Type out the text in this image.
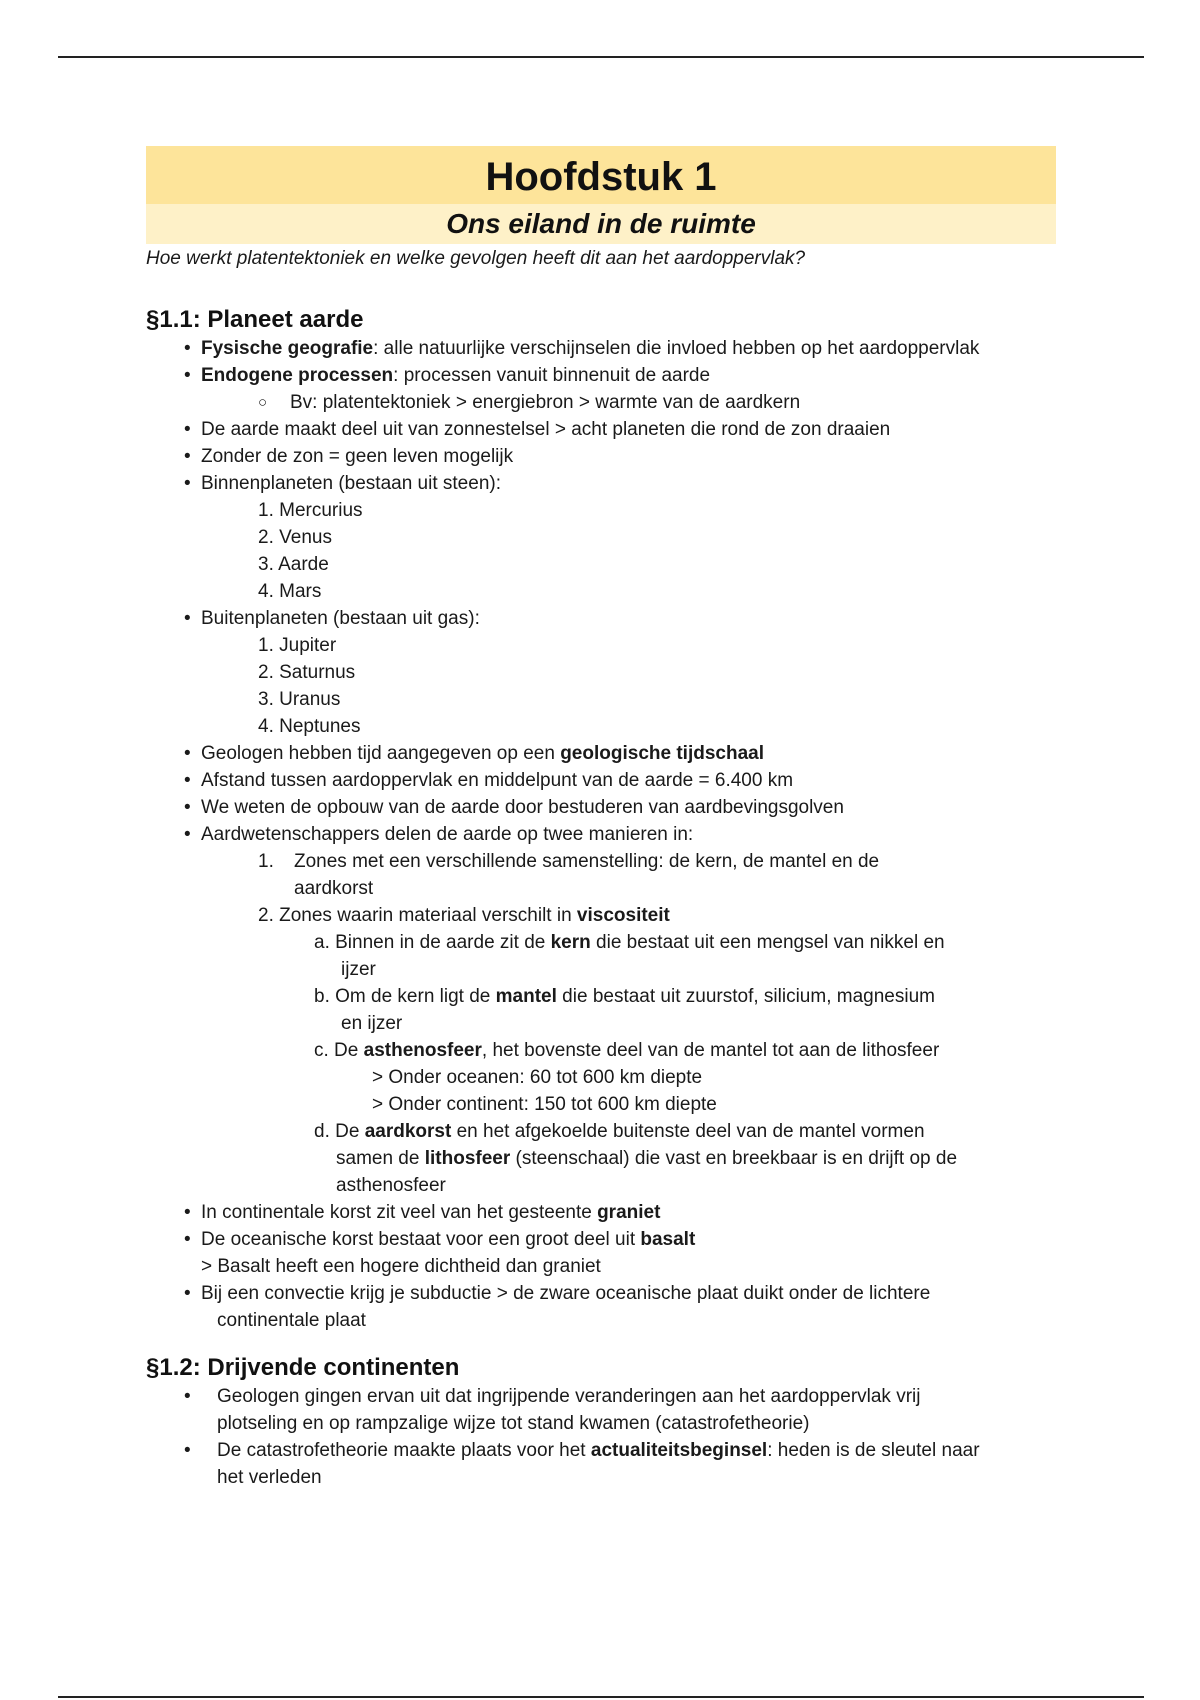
Hoofdstuk 1
Ons eiland in de ruimte
Hoe werkt platentektoniek en welke gevolgen heeft dit aan het aardoppervlak?
§1.1: Planeet aarde
• Fysische geografie: alle natuurlijke verschijnselen die invloed hebben op het aardoppervlak
• Endogene processen: processen vanuit binnenuit de aarde
○ Bv: platentektoniek > energiebron > warmte van de aardkern
• De aarde maakt deel uit van zonnestelsel > acht planeten die rond de zon draaien
• Zonder de zon = geen leven mogelijk
• Binnenplaneten (bestaan uit steen):
1. Mercurius
2. Venus
3. Aarde
4. Mars
• Buitenplaneten (bestaan uit gas):
1. Jupiter
2. Saturnus
3. Uranus
4. Neptunes
• Geologen hebben tijd aangegeven op een geologische tijdschaal
• Afstand tussen aardoppervlak en middelpunt van de aarde = 6.400 km
• We weten de opbouw van de aarde door bestuderen van aardbevingsgolven
• Aardwetenschappers delen de aarde op twee manieren in:
1. Zones met een verschillende samenstelling: de kern, de mantel en de
aardkorst
2. Zones waarin materiaal verschilt in viscositeit
a. Binnen in de aarde zit de kern die bestaat uit een mengsel van nikkel en
ijzer
b. Om de kern ligt de mantel die bestaat uit zuurstof, silicium, magnesium
en ijzer
c. De asthenosfeer, het bovenste deel van de mantel tot aan de lithosfeer
> Onder oceanen: 60 tot 600 km diepte
> Onder continent: 150 tot 600 km diepte
d. De aardkorst en het afgekoelde buitenste deel van de mantel vormen
samen de lithosfeer (steenschaal) die vast en breekbaar is en drijft op de
asthenosfeer
• In continentale korst zit veel van het gesteente graniet
• De oceanische korst bestaat voor een groot deel uit basalt
> Basalt heeft een hogere dichtheid dan graniet
• Bij een convectie krijg je subductie > de zware oceanische plaat duikt onder de lichtere
continentale plaat
§1.2: Drijvende continenten
• Geologen gingen ervan uit dat ingrijpende veranderingen aan het aardoppervlak vrij
plotseling en op rampzalige wijze tot stand kwamen (catastrofetheorie)
• De catastrofetheorie maakte plaats voor het actualiteitsbeginsel: heden is de sleutel naar
het verleden
